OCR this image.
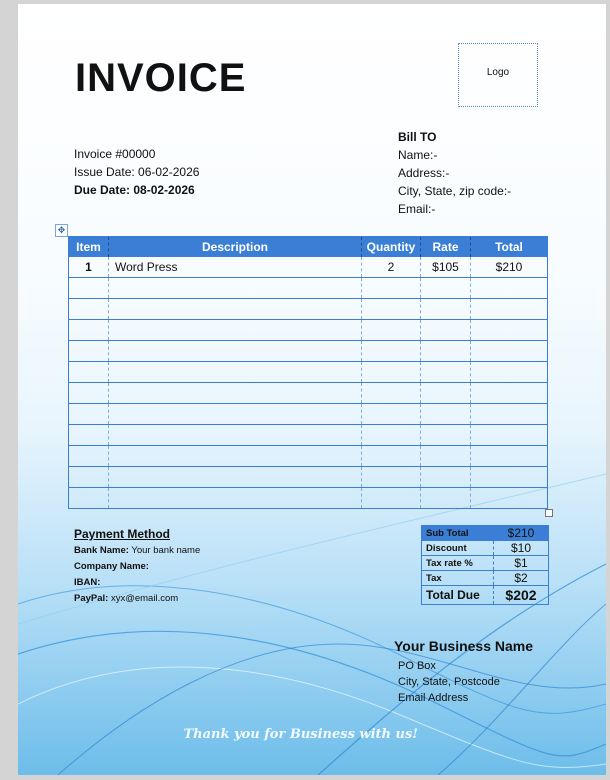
INVOICE	Logo
Invoice #00000
Issue Date: 06-02-2026
Due Date: 08-02-2026
Bill TO
Name:-
Address:-
City, State, zip code:-
Email:-
✥
Item	Description	Quantity	Rate	Total
1	Word Press	2	$105	$210

Payment Method
Bank Name: Your bank name
Company Name:
IBAN:
PayPal: xyx@email.com
Sub Total	$210
Discount	$10
Tax rate %	$1
Tax	$2
Total Due	$202
Your Business Name
PO Box
City, State, Postcode
Email Address
Thank you for Business with us!
